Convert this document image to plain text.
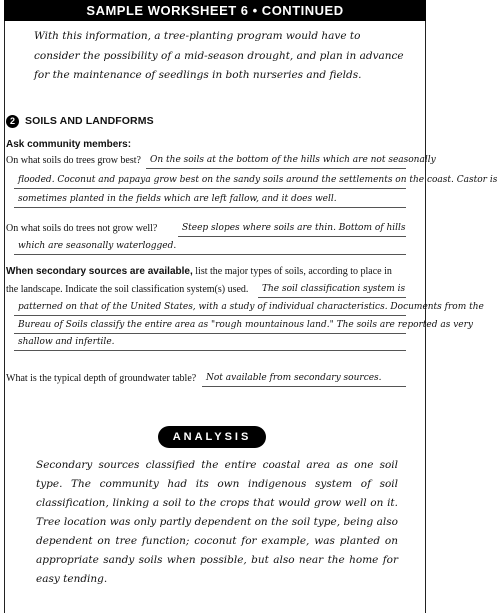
SAMPLE WORKSHEET 6 • CONTINUED
With this information, a tree-planting program would have to consider the possibility of a mid-season drought, and plan in advance for the maintenance of seedlings in both nurseries and fields.
2 SOILS AND LANDFORMS
Ask community members:
On what soils do trees grow best? On the soils at the bottom of the hills which are not seasonally
flooded. Coconut and papaya grow best on the sandy soils around the settlements on the coast. Castor is
sometimes planted in the fields which are left fallow, and it does well.
On what soils do trees not grow well?	Steep slopes where soils are thin. Bottom of hills
which are seasonally waterlogged.
When secondary sources are available, list the major types of soils, according to place in
the landscape. Indicate the soil classification system(s) used. The soil classification system is
patterned on that of the United States, with a study of individual characteristics. Documents from the
Bureau of Soils classify the entire area as "rough mountainous land." The soils are reported as very
shallow and infertile.
What is the typical depth of groundwater table? Not available from secondary sources.
ANALYSIS
Secondary sources classified the entire coastal area as one soil type. The community had its own indigenous system of soil classification, linking a soil to the crops that would grow well on it. Tree location was only partly dependent on the soil type, being also dependent on tree function; coconut for example, was planted on appropriate sandy soils when possible, but also near the home for easy tending.
